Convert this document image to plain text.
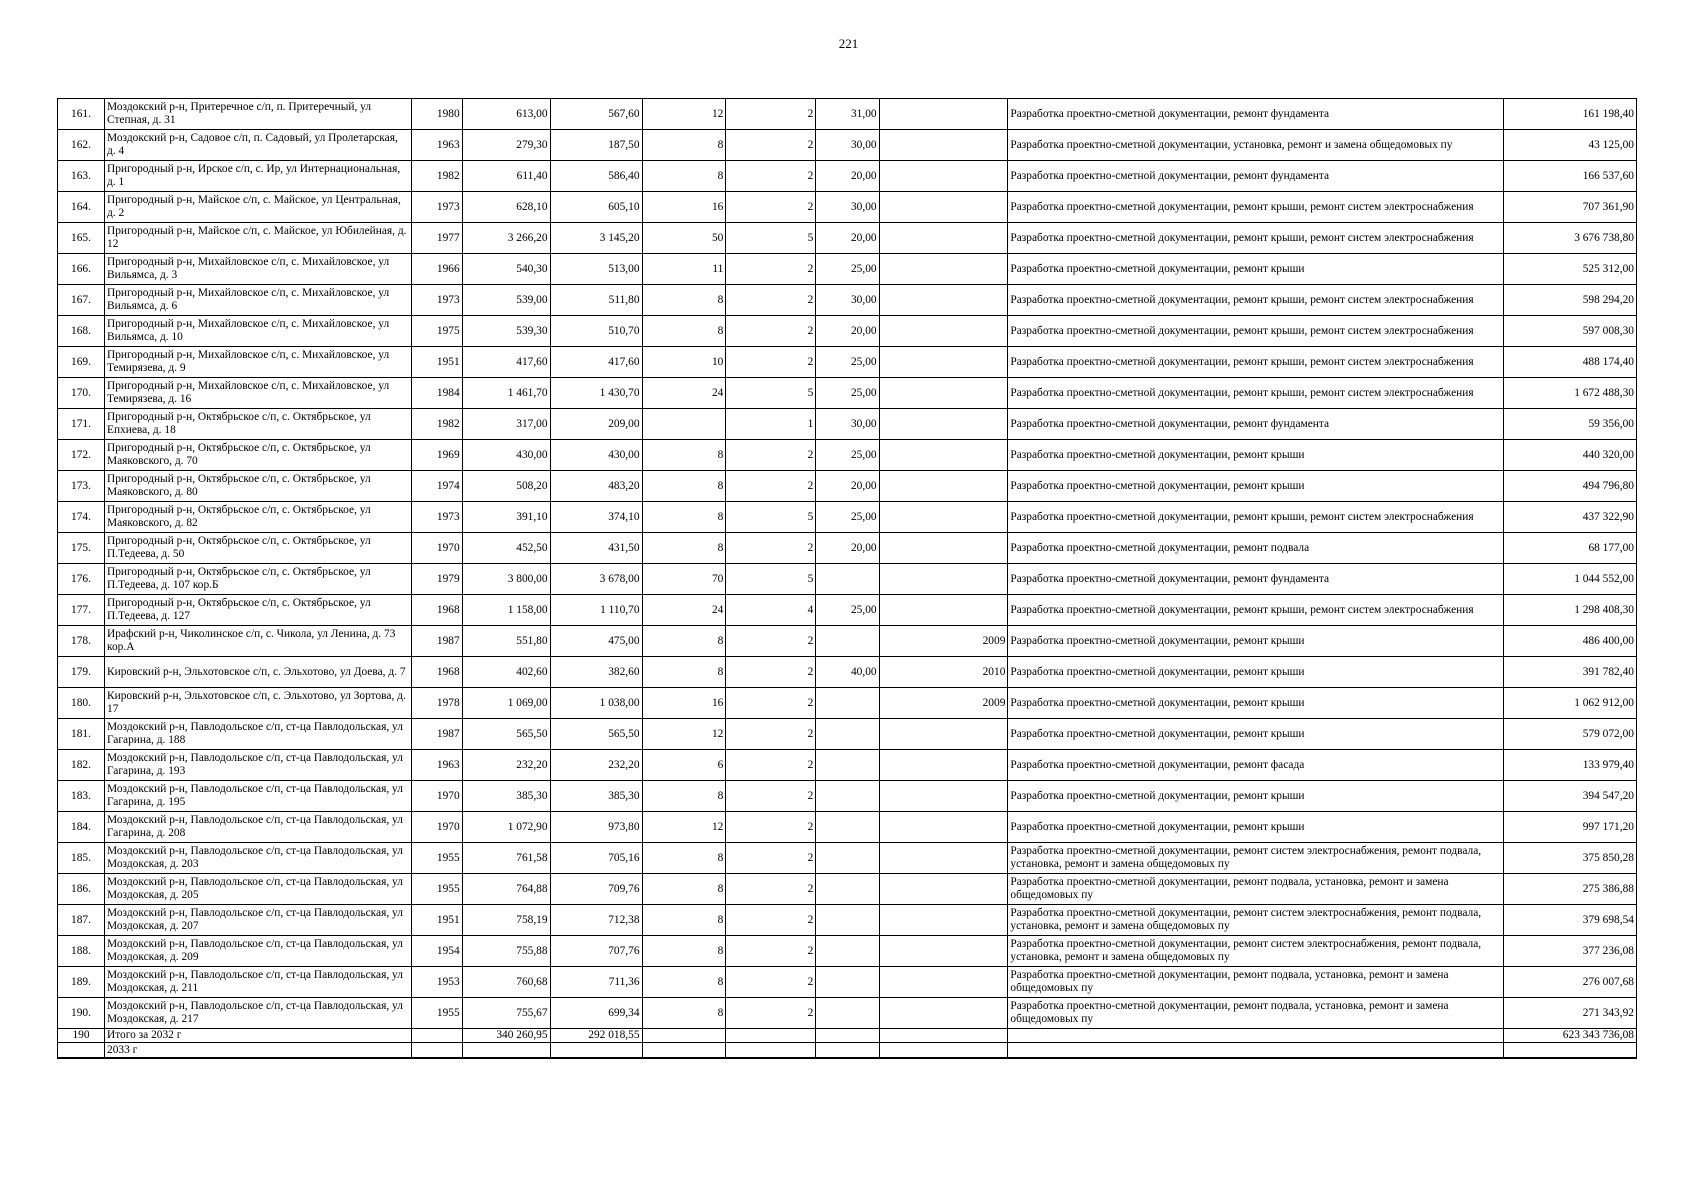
221
161.	Моздокский р-н, Притеречное с/п, п. Притеречный, ул Степная, д. 31	1980	613,00	567,60	12	2	31,00		Разработка проектно-сметной документации, ремонт фундамента	161 198,40
162.	Моздокский р-н, Садовое с/п, п. Садовый, ул Пролетарская, д. 4	1963	279,30	187,50	8	2	30,00		Разработка проектно-сметной документации, установка, ремонт и замена общедомовых пу	43 125,00
163.	Пригородный р-н, Ирское с/п, с. Ир, ул Интернациональная, д. 1	1982	611,40	586,40	8	2	20,00		Разработка проектно-сметной документации, ремонт фундамента	166 537,60
164.	Пригородный р-н, Майское с/п, с. Майское, ул Центральная, д. 2	1973	628,10	605,10	16	2	30,00		Разработка проектно-сметной документации, ремонт крыши, ремонт систем электроснабжения	707 361,90
165.	Пригородный р-н, Майское с/п, с. Майское, ул Юбилейная, д. 12	1977	3 266,20	3 145,20	50	5	20,00		Разработка проектно-сметной документации, ремонт крыши, ремонт систем электроснабжения	3 676 738,80
166.	Пригородный р-н, Михайловское с/п, с. Михайловское, ул Вильямса, д. 3	1966	540,30	513,00	11	2	25,00		Разработка проектно-сметной документации, ремонт крыши	525 312,00
167.	Пригородный р-н, Михайловское с/п, с. Михайловское, ул Вильямса, д. 6	1973	539,00	511,80	8	2	30,00		Разработка проектно-сметной документации, ремонт крыши, ремонт систем электроснабжения	598 294,20
168.	Пригородный р-н, Михайловское с/п, с. Михайловское, ул Вильямса, д. 10	1975	539,30	510,70	8	2	20,00		Разработка проектно-сметной документации, ремонт крыши, ремонт систем электроснабжения	597 008,30
169.	Пригородный р-н, Михайловское с/п, с. Михайловское, ул Темирязева, д. 9	1951	417,60	417,60	10	2	25,00		Разработка проектно-сметной документации, ремонт крыши, ремонт систем электроснабжения	488 174,40
170.	Пригородный р-н, Михайловское с/п, с. Михайловское, ул Темирязева, д. 16	1984	1 461,70	1 430,70	24	5	25,00		Разработка проектно-сметной документации, ремонт крыши, ремонт систем электроснабжения	1 672 488,30
171.	Пригородный р-н, Октябрьское с/п, с. Октябрьское, ул Епхиева, д. 18	1982	317,00	209,00		1	30,00		Разработка проектно-сметной документации, ремонт фундамента	59 356,00
172.	Пригородный р-н, Октябрьское с/п, с. Октябрьское, ул Маяковского, д. 70	1969	430,00	430,00	8	2	25,00		Разработка проектно-сметной документации, ремонт крыши	440 320,00
173.	Пригородный р-н, Октябрьское с/п, с. Октябрьское, ул Маяковского, д. 80	1974	508,20	483,20	8	2	20,00		Разработка проектно-сметной документации, ремонт крыши	494 796,80
174.	Пригородный р-н, Октябрьское с/п, с. Октябрьское, ул Маяковского, д. 82	1973	391,10	374,10	8	5	25,00		Разработка проектно-сметной документации, ремонт крыши, ремонт систем электроснабжения	437 322,90
175.	Пригородный р-н, Октябрьское с/п, с. Октябрьское, ул П.Тедеева, д. 50	1970	452,50	431,50	8	2	20,00		Разработка проектно-сметной документации, ремонт подвала	68 177,00
176.	Пригородный р-н, Октябрьское с/п, с. Октябрьское, ул П.Тедеева, д. 107 кор.Б	1979	3 800,00	3 678,00	70	5			Разработка проектно-сметной документации, ремонт фундамента	1 044 552,00
177.	Пригородный р-н, Октябрьское с/п, с. Октябрьское, ул П.Тедеева, д. 127	1968	1 158,00	1 110,70	24	4	25,00		Разработка проектно-сметной документации, ремонт крыши, ремонт систем электроснабжения	1 298 408,30
178.	Ирафский р-н, Чиколинское с/п, с. Чикола, ул Ленина, д. 73 кор.А	1987	551,80	475,00	8	2		2009	Разработка проектно-сметной документации, ремонт крыши	486 400,00
179.	Кировский р-н, Эльхотовское с/п, с. Эльхотово, ул Доева, д. 7	1968	402,60	382,60	8	2	40,00	2010	Разработка проектно-сметной документации, ремонт крыши	391 782,40
180.	Кировский р-н, Эльхотовское с/п, с. Эльхотово, ул Зортова, д. 17	1978	1 069,00	1 038,00	16	2		2009	Разработка проектно-сметной документации, ремонт крыши	1 062 912,00
181.	Моздокский р-н, Павлодольское с/п, ст-ца Павлодольская, ул Гагарина, д. 188	1987	565,50	565,50	12	2			Разработка проектно-сметной документации, ремонт крыши	579 072,00
182.	Моздокский р-н, Павлодольское с/п, ст-ца Павлодольская, ул Гагарина, д. 193	1963	232,20	232,20	6	2			Разработка проектно-сметной документации, ремонт фасада	133 979,40
183.	Моздокский р-н, Павлодольское с/п, ст-ца Павлодольская, ул Гагарина, д. 195	1970	385,30	385,30	8	2			Разработка проектно-сметной документации, ремонт крыши	394 547,20
184.	Моздокский р-н, Павлодольское с/п, ст-ца Павлодольская, ул Гагарина, д. 208	1970	1 072,90	973,80	12	2			Разработка проектно-сметной документации, ремонт крыши	997 171,20
185.	Моздокский р-н, Павлодольское с/п, ст-ца Павлодольская, ул Моздокская, д. 203	1955	761,58	705,16	8	2			Разработка проектно-сметной документации, ремонт систем электроснабжения, ремонт подвала, установка, ремонт и замена общедомовых пу	375 850,28
186.	Моздокский р-н, Павлодольское с/п, ст-ца Павлодольская, ул Моздокская, д. 205	1955	764,88	709,76	8	2			Разработка проектно-сметной документации, ремонт подвала, установка, ремонт и замена общедомовых пу	275 386,88
187.	Моздокский р-н, Павлодольское с/п, ст-ца Павлодольская, ул Моздокская, д. 207	1951	758,19	712,38	8	2			Разработка проектно-сметной документации, ремонт систем электроснабжения, ремонт подвала, установка, ремонт и замена общедомовых пу	379 698,54
188.	Моздокский р-н, Павлодольское с/п, ст-ца Павлодольская, ул Моздокская, д. 209	1954	755,88	707,76	8	2			Разработка проектно-сметной документации, ремонт систем электроснабжения, ремонт подвала, установка, ремонт и замена общедомовых пу	377 236,08
189.	Моздокский р-н, Павлодольское с/п, ст-ца Павлодольская, ул Моздокская, д. 211	1953	760,68	711,36	8	2			Разработка проектно-сметной документации, ремонт подвала, установка, ремонт и замена общедомовых пу	276 007,68
190.	Моздокский р-н, Павлодольское с/п, ст-ца Павлодольская, ул Моздокская, д. 217	1955	755,67	699,34	8	2			Разработка проектно-сметной документации, ремонт подвала, установка, ремонт и замена общедомовых пу	271 343,92
190	Итого за 2032 г		340 260,95	292 018,55						623 343 736,08
	2033 г									
